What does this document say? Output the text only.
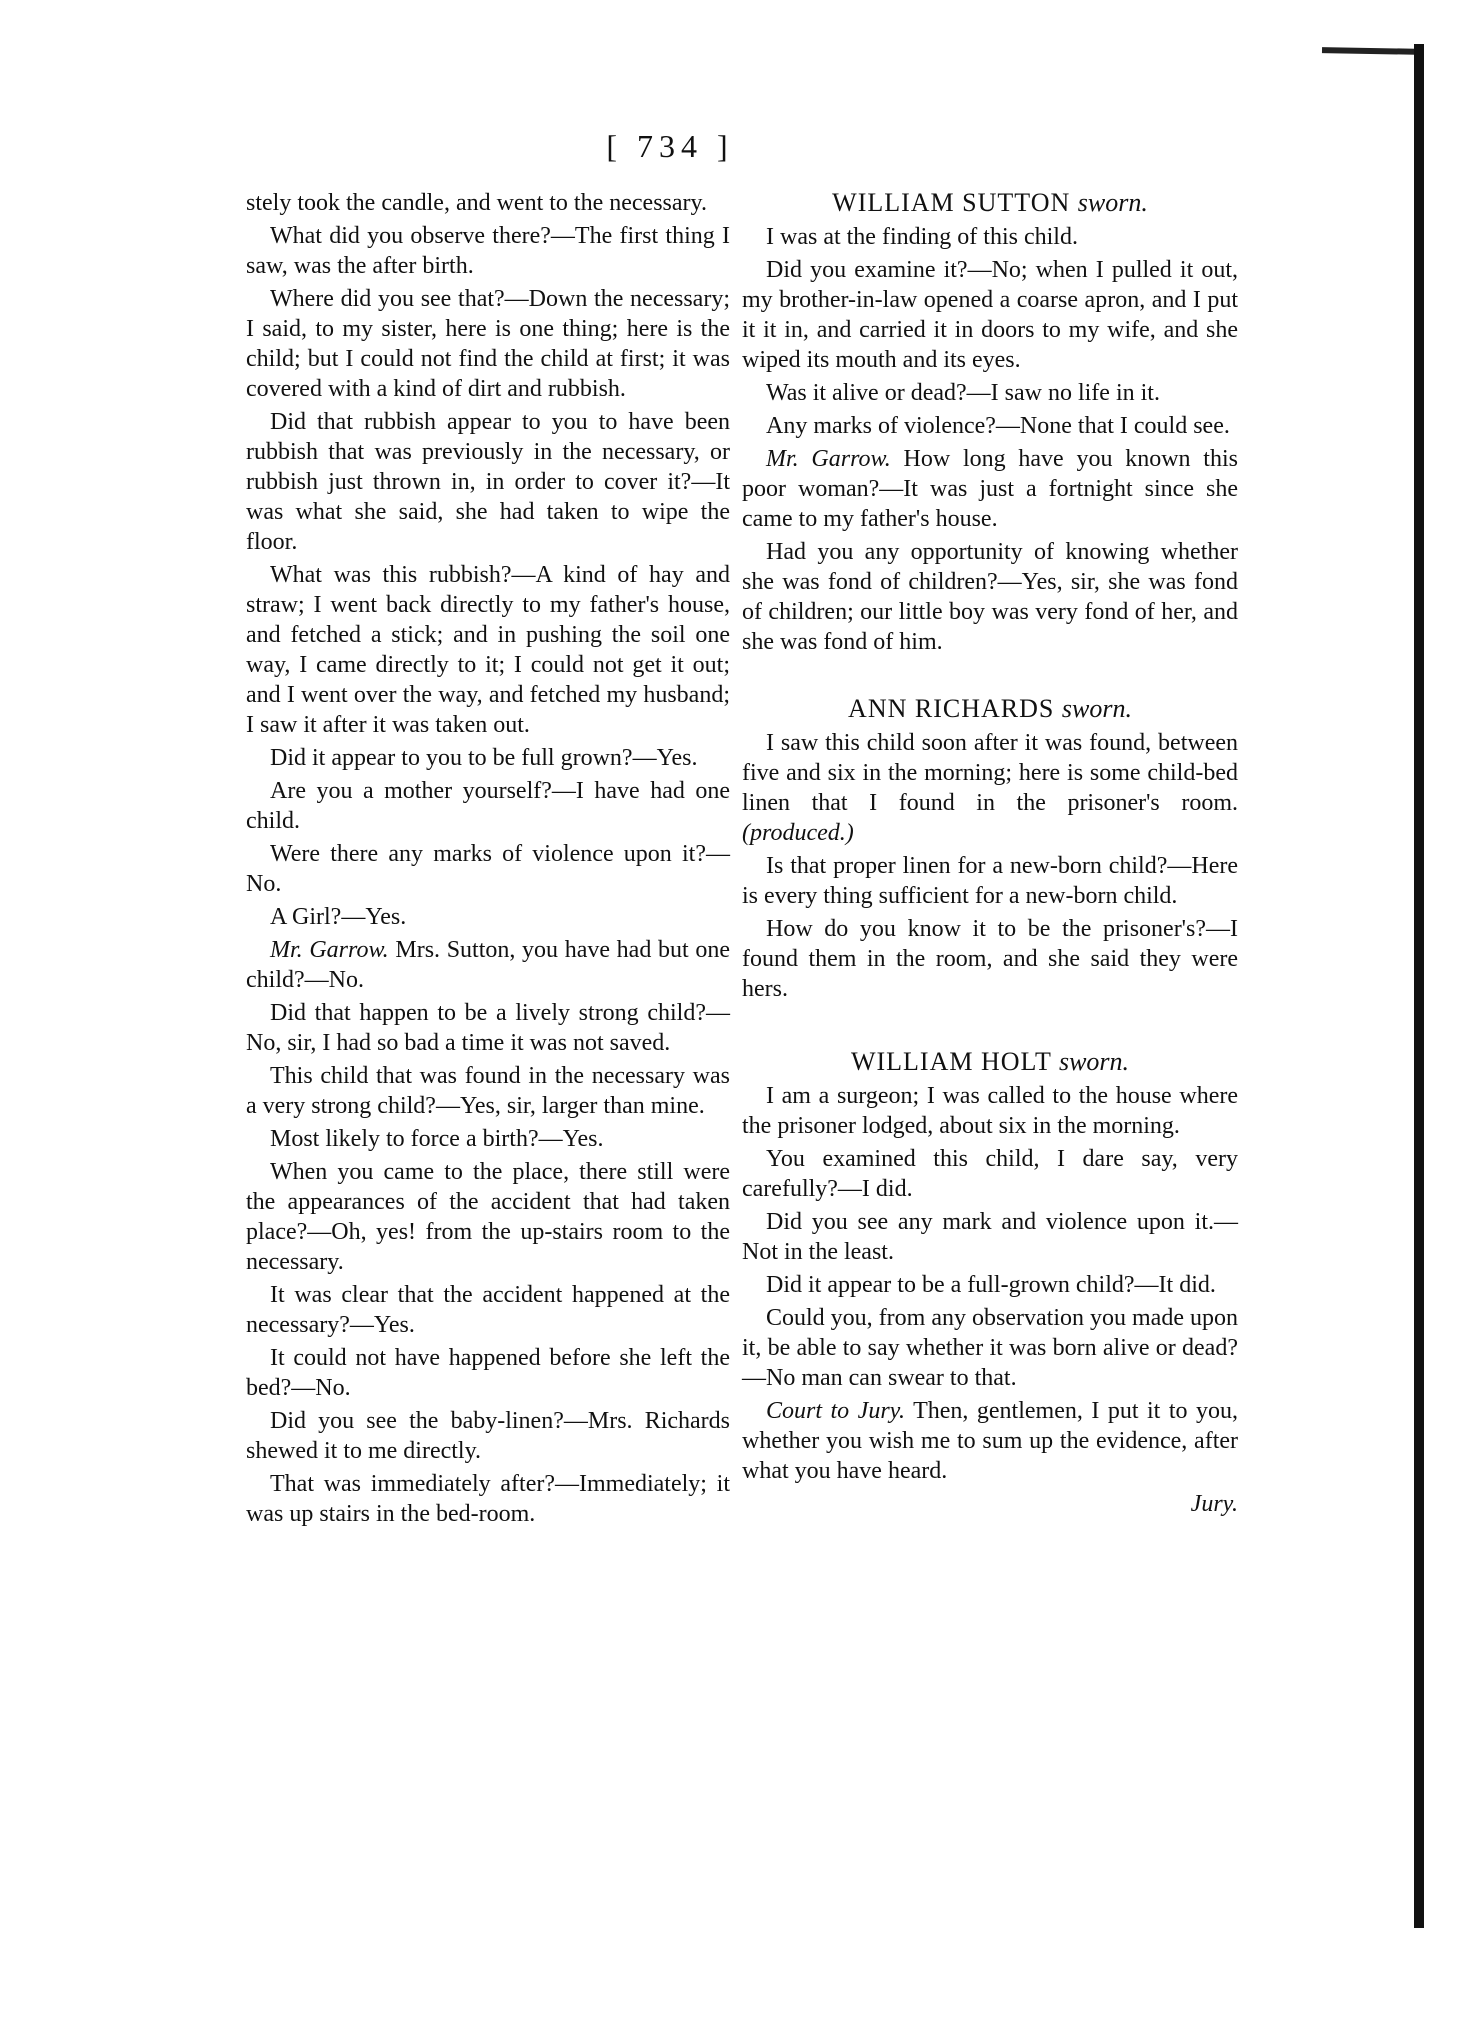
[ 734 ]

stely took the candle, and went to the necessary.

What did you observe there?—The first thing I saw, was the after birth.

Where did you see that?—Down the necessary; I said, to my sister, here is one thing; here is the child; but I could not find the child at first; it was covered with a kind of dirt and rubbish.

Did that rubbish appear to you to have been rubbish that was previously in the necessary, or rubbish just thrown in, in order to cover it?—It was what she said, she had taken to wipe the floor.

What was this rubbish?—A kind of hay and straw; I went back directly to my father's house, and fetched a stick; and in pushing the soil one way, I came directly to it; I could not get it out; and I went over the way, and fetched my husband; I saw it after it was taken out.

Did it appear to you to be full grown?—Yes.

Are you a mother yourself?—I have had one child.

Were there any marks of violence upon it?—No.

A Girl?—Yes.

Mr. Garrow. Mrs. Sutton, you have had but one child?—No.

Did that happen to be a lively strong child?—No, sir, I had so bad a time it was not saved.

This child that was found in the necessary was a very strong child?—Yes, sir, larger than mine.

Most likely to force a birth?—Yes.

When you came to the place, there still were the appearances of the accident that had taken place?—Oh, yes! from the up-stairs room to the necessary.

It was clear that the accident happened at the necessary?—Yes.

It could not have happened before she left the bed?—No.

Did you see the baby-linen?—Mrs. Richards shewed it to me directly.

That was immediately after?—Immediately; it was up stairs in the bed-room.

WILLIAM SUTTON sworn.

I was at the finding of this child.

Did you examine it?—No; when I pulled it out, my brother-in-law opened a coarse apron, and I put it it in, and carried it in doors to my wife, and she wiped its mouth and its eyes.

Was it alive or dead?—I saw no life in it.

Any marks of violence?—None that I could see.

Mr. Garrow. How long have you known this poor woman?—It was just a fortnight since she came to my father's house.

Had you any opportunity of knowing whether she was fond of children?—Yes, sir, she was fond of children; our little boy was very fond of her, and she was fond of him.

ANN RICHARDS sworn.

I saw this child soon after it was found, between five and six in the morning; here is some child-bed linen that I found in the prisoner's room. (produced.)

Is that proper linen for a new-born child?—Here is every thing sufficient for a new-born child.

How do you know it to be the prisoner's?—I found them in the room, and she said they were hers.

WILLIAM HOLT sworn.

I am a surgeon; I was called to the house where the prisoner lodged, about six in the morning.

You examined this child, I dare say, very carefully?—I did.

Did you see any mark and violence upon it.—Not in the least.

Did it appear to be a full-grown child?—It did.

Could you, from any observation you made upon it, be able to say whether it was born alive or dead?—No man can swear to that.

Court to Jury. Then, gentlemen, I put it to you, whether you wish me to sum up the evidence, after what you have heard.

Jury.
